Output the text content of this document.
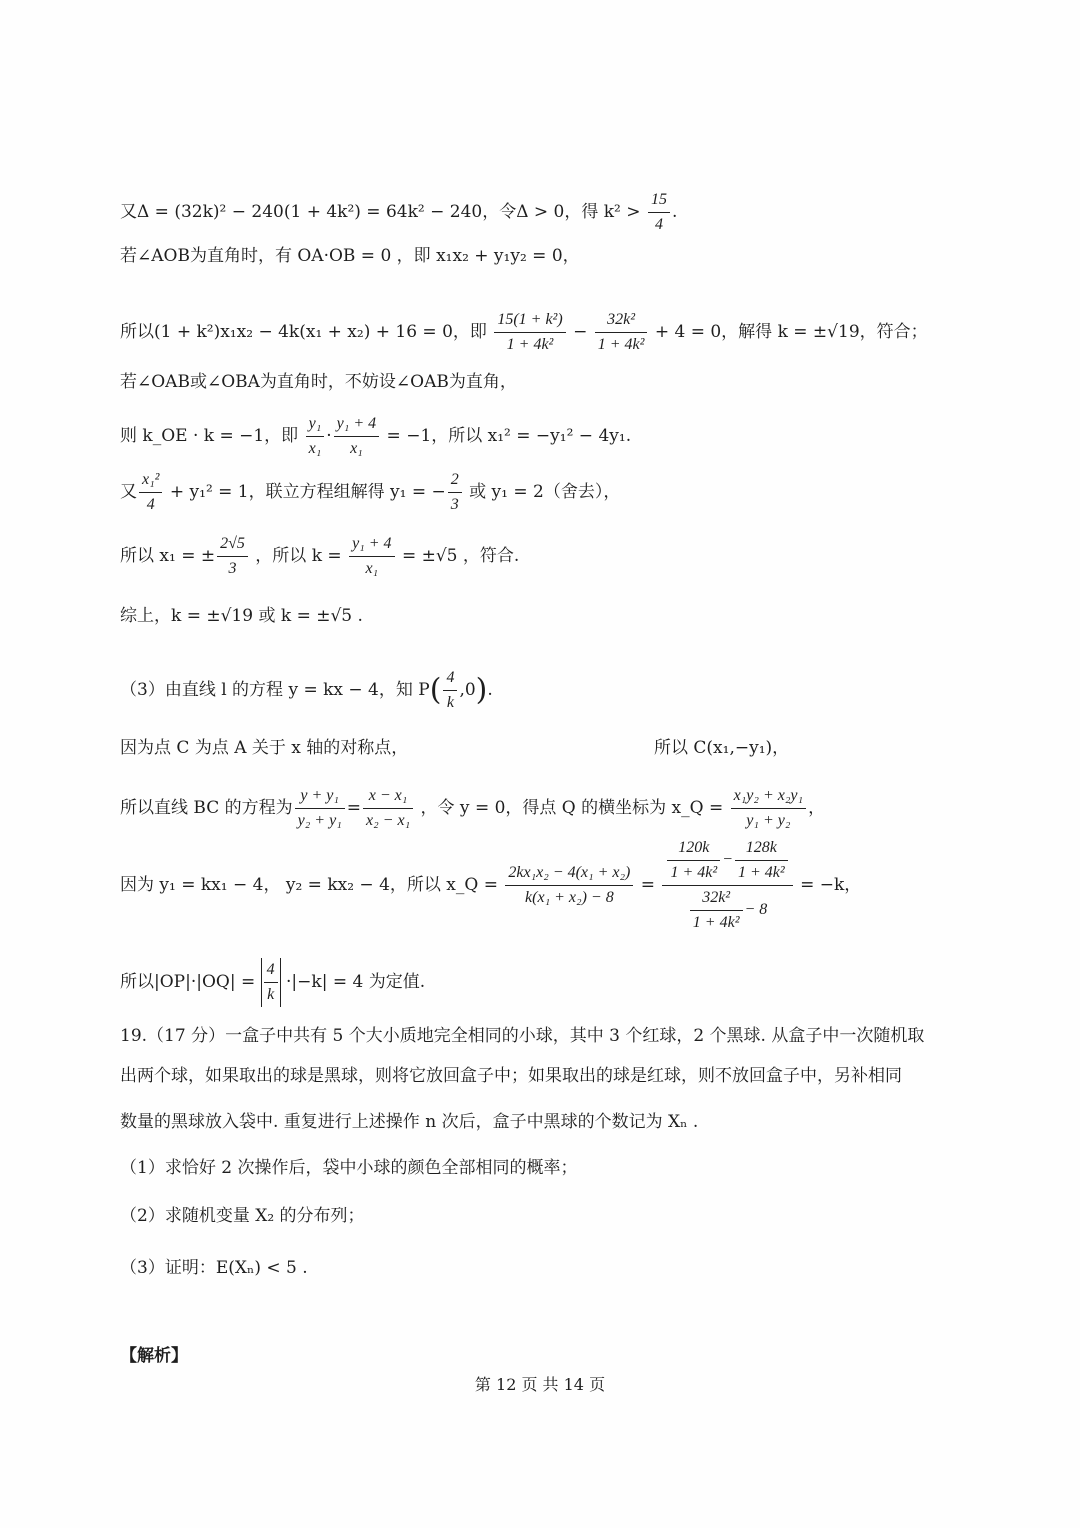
又Δ = (32k)² − 240(1 + 4k²) = 64k² − 240，令Δ > 0，得 $k^2 > \frac{15}{4}$ .
若∠AOB为直角时，有 OA·OB = 0 ，即 x₁x₂ + y₁y₂ = 0，
所以(1 + k²)x₁x₂ − 4k(x₁ + x₂) + 16 = 0，即 $\frac{\text{15(1 + k²)}}{\text{1 + 4k²}} - \frac{\text{32k²}}{\text{1 + 4k²}} + 4 = 0$，解得 k = ±√19，符合；
若∠OAB或∠OBA为直角时，不妨设∠OAB为直角，
则 k_OE · k = −1，即 $\frac{\text{y₁}}{\text{x₁}} \cdot \frac{\text{y₁ + 4}}{\text{x₁}} = -1$，所以 x₁² = −y₁² − 4y₁.
又 $\frac{\text{x₁²}}{4} + y_1^2 = 1$，联立方程组解得 y₁ = − $\frac{2}{3}$ 或 y₁ = 2（舍去），
所以 x₁ = ± $\frac{2√5}{3}$ ，所以 $k = \frac{\text{y₁ + 4}}{\text{x₁}} = \pm√5$ ，符合.
综上，k = ±√19 或 k = ±√5 .
（3）由直线 l 的方程 y = kx − 4，知 $P( \frac{4}{k} ,0)$.
因为点 C 为点 A 关于 x 轴的对称点，	所以 C(x₁,−y₁)，
所以直线 BC 的方程为 $\frac{\text{y + y₁}}{\text{y₂ + y₁}} = \frac{\text{x − x₁}}{\text{x₂ − x₁}}$ ，令 y = 0，得点 Q 的横坐标为 x_Q = $\frac{\text{x₁y₂ + x₂y₁}}{\text{y₁ + y₂}}$ ，
因为 y₁ = kx₁ − 4， y₂ = kx₂ − 4，所以 x_Q = $\frac{\text{2kx₁x₂ − 4(x₁ + x₂)}}{\text{k(x₁ + x₂) − 8}} = \frac{\frac{120k}{\text{1 + 4k²}} - \frac{128k}{\text{1 + 4k²}}}{\frac{\text{32k²}}{\text{1 + 4k²}} - 8} = -k$，
所以$|OP|\cdot|OQ| = \frac{4}{k} \cdot|-k| = 4$ 为定值.
19.（17 分）一盒子中共有 5 个大小质地完全相同的小球，其中 3 个红球，2 个黑球. 从盒子中一次随机取
出两个球，如果取出的球是黑球，则将它放回盒子中；如果取出的球是红球，则不放回盒子中，另补相同
数量的黑球放入袋中. 重复进行上述操作 n 次后，盒子中黑球的个数记为 Xₙ .
（1）求恰好 2 次操作后，袋中小球的颜色全部相同的概率；
（2）求随机变量 X₂ 的分布列；
（3）证明：E(Xₙ) < 5 .
【解析】
第 12 页 共 14 页
